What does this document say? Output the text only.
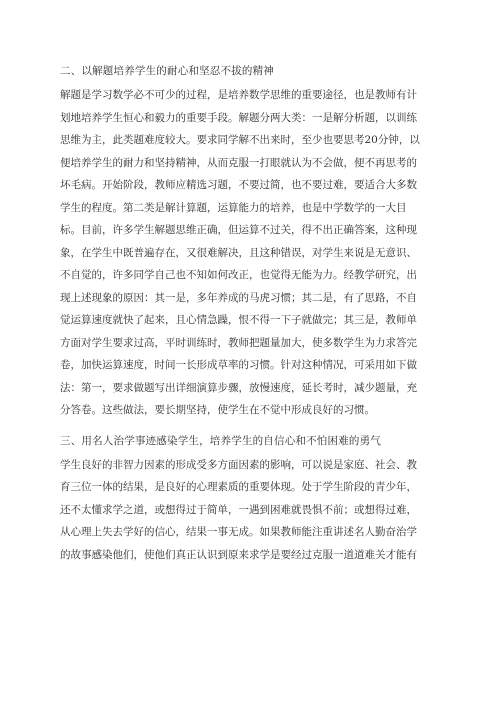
二、以解题培养学生的耐心和坚忍不拔的精神

解题是学习数学必不可少的过程，是培养数学思维的重要途径，也是教师有计
划地培养学生恒心和毅力的重要手段。解题分两大类：一是解分析题，以训练
思维为主，此类题难度较大。要求同学解不出来时，至少也要思考20分钟，以
便培养学生的耐力和坚持精神，从而克服一打眼就认为不会做，便不再思考的
坏毛病。开始阶段，教师应精选习题，不要过简，也不要过难，要适合大多数
学生的程度。第二类是解计算题，运算能力的培养，也是中学数学的一大目
标。目前，许多学生解题思维正确，但运算不过关，得不出正确答案，这种现
象，在学生中既普遍存在，又很难解决，且这种错误，对学生来说是无意识、
不自觉的，许多同学自己也不知如何改正，也觉得无能为力。经教学研究，出
现上述现象的原因：其一是，多年养成的马虎习惯；其二是，有了思路，不自
觉运算速度就快了起来，且心情急躁，恨不得一下子就做完；其三是，教师单
方面对学生要求过高，平时训练时，教师把题量加大，使多数学生为力求答完
卷，加快运算速度，时间一长形成草率的习惯。针对这种情况，可采用如下做
法：第一，要求做题写出详细演算步骤，放慢速度，延长考时，减少题量，充
分答卷。这些做法，要长期坚持，使学生在不觉中形成良好的习惯。

三、用名人治学事迹感染学生，培养学生的自信心和不怕困难的勇气

学生良好的非智力因素的形成受多方面因素的影响，可以说是家庭、社会、教
育三位一体的结果，是良好的心理素质的重要体现。处于学生阶段的青少年，
还不太懂求学之道，或想得过于简单，一遇到困难就畏惧不前；或想得过难，
从心理上失去学好的信心，结果一事无成。如果教师能注重讲述名人勤奋治学
的故事感染他们，使他们真正认识到原来求学是要经过克服一道道难关才能有
